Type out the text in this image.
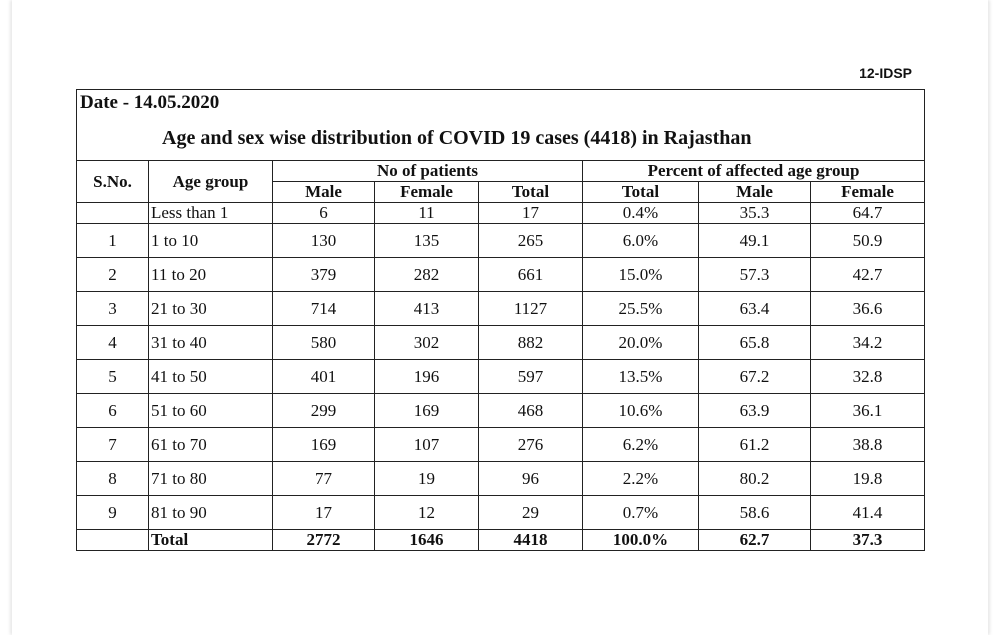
12-IDSP
Date - 14.05.2020							
Age and sex wise distribution of COVID 19 cases (4418) in Rajasthan							
S.No.	Age group	No of patients			Percent of affected age group		
		Male	Female	Total	Total	Male	Female
	Less than 1	6	11	17	0.4%	35.3	64.7
1	1 to 10	130	135	265	6.0%	49.1	50.9
2	11 to 20	379	282	661	15.0%	57.3	42.7
3	21 to 30	714	413	1127	25.5%	63.4	36.6
4	31 to 40	580	302	882	20.0%	65.8	34.2
5	41 to 50	401	196	597	13.5%	67.2	32.8
6	51 to 60	299	169	468	10.6%	63.9	36.1
7	61 to 70	169	107	276	6.2%	61.2	38.8
8	71 to 80	77	19	96	2.2%	80.2	19.8
9	81 to 90	17	12	29	0.7%	58.6	41.4
	Total	2772	1646	4418	100.0%	62.7	37.3
